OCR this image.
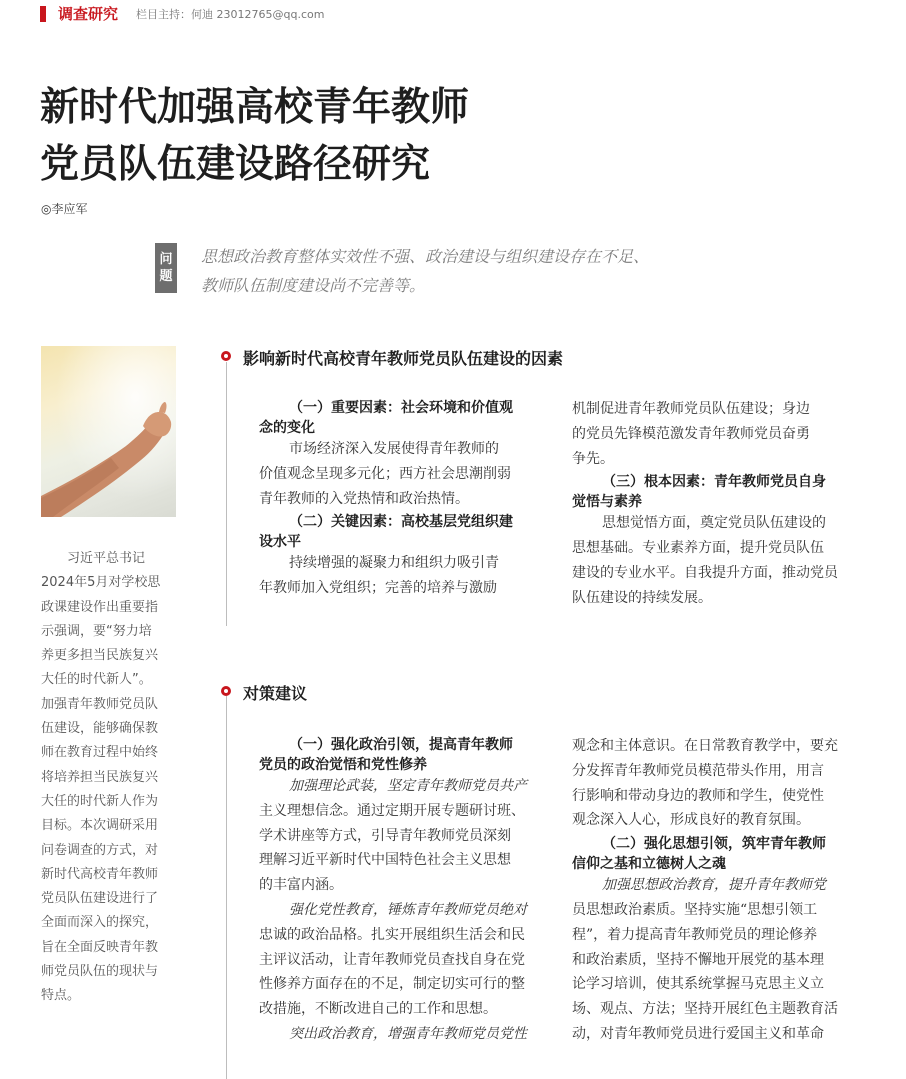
调查研究 栏目主持：何迪 23012765@qq.com
新时代加强高校青年教师
党员队伍建设路径研究
◎李应军
问
题
思想政治教育整体实效性不强、政治建设与组织建设存在不足、
教师队伍制度建设尚不完善等。
习近平总书记
2024年5月对学校思
政课建设作出重要指
示强调，要“努力培
养更多担当民族复兴
大任的时代新人”。
加强青年教师党员队
伍建设，能够确保教
师在教育过程中始终
将培养担当民族复兴
大任的时代新人作为
目标。本次调研采用
问卷调查的方式，对
新时代高校青年教师
党员队伍建设进行了
全面而深入的探究，
旨在全面反映青年教
师党员队伍的现状与
特点。
影响新时代高校青年教师党员队伍建设的因素
（一）重要因素：社会环境和价值观
念的变化
市场经济深入发展使得青年教师的
价值观念呈现多元化；西方社会思潮削弱
青年教师的入党热情和政治热情。
（二）关键因素：高校基层党组织建
设水平
持续增强的凝聚力和组织力吸引青
年教师加入党组织；完善的培养与激励
机制促进青年教师党员队伍建设；身边
的党员先锋模范激发青年教师党员奋勇
争先。
（三）根本因素：青年教师党员自身
觉悟与素养
思想觉悟方面，奠定党员队伍建设的
思想基础。专业素养方面，提升党员队伍
建设的专业水平。自我提升方面，推动党员
队伍建设的持续发展。
对策建议
（一）强化政治引领，提高青年教师
党员的政治觉悟和党性修养
加强理论武装，坚定青年教师党员共产
主义理想信念。通过定期开展专题研讨班、
学术讲座等方式，引导青年教师党员深刻
理解习近平新时代中国特色社会主义思想
的丰富内涵。
强化党性教育，锤炼青年教师党员绝对
忠诚的政治品格。扎实开展组织生活会和民
主评议活动，让青年教师党员查找自身在党
性修养方面存在的不足，制定切实可行的整
改措施，不断改进自己的工作和思想。
突出政治教育，增强青年教师党员党性
观念和主体意识。在日常教育教学中，要充
分发挥青年教师党员模范带头作用，用言
行影响和带动身边的教师和学生，使党性
观念深入人心，形成良好的教育氛围。
（二）强化思想引领，筑牢青年教师
信仰之基和立德树人之魂
加强思想政治教育，提升青年教师党
员思想政治素质。坚持实施“思想引领工
程”，着力提高青年教师党员的理论修养
和政治素质，坚持不懈地开展党的基本理
论学习培训，使其系统掌握马克思主义立
场、观点、方法；坚持开展红色主题教育活
动，对青年教师党员进行爱国主义和革命
